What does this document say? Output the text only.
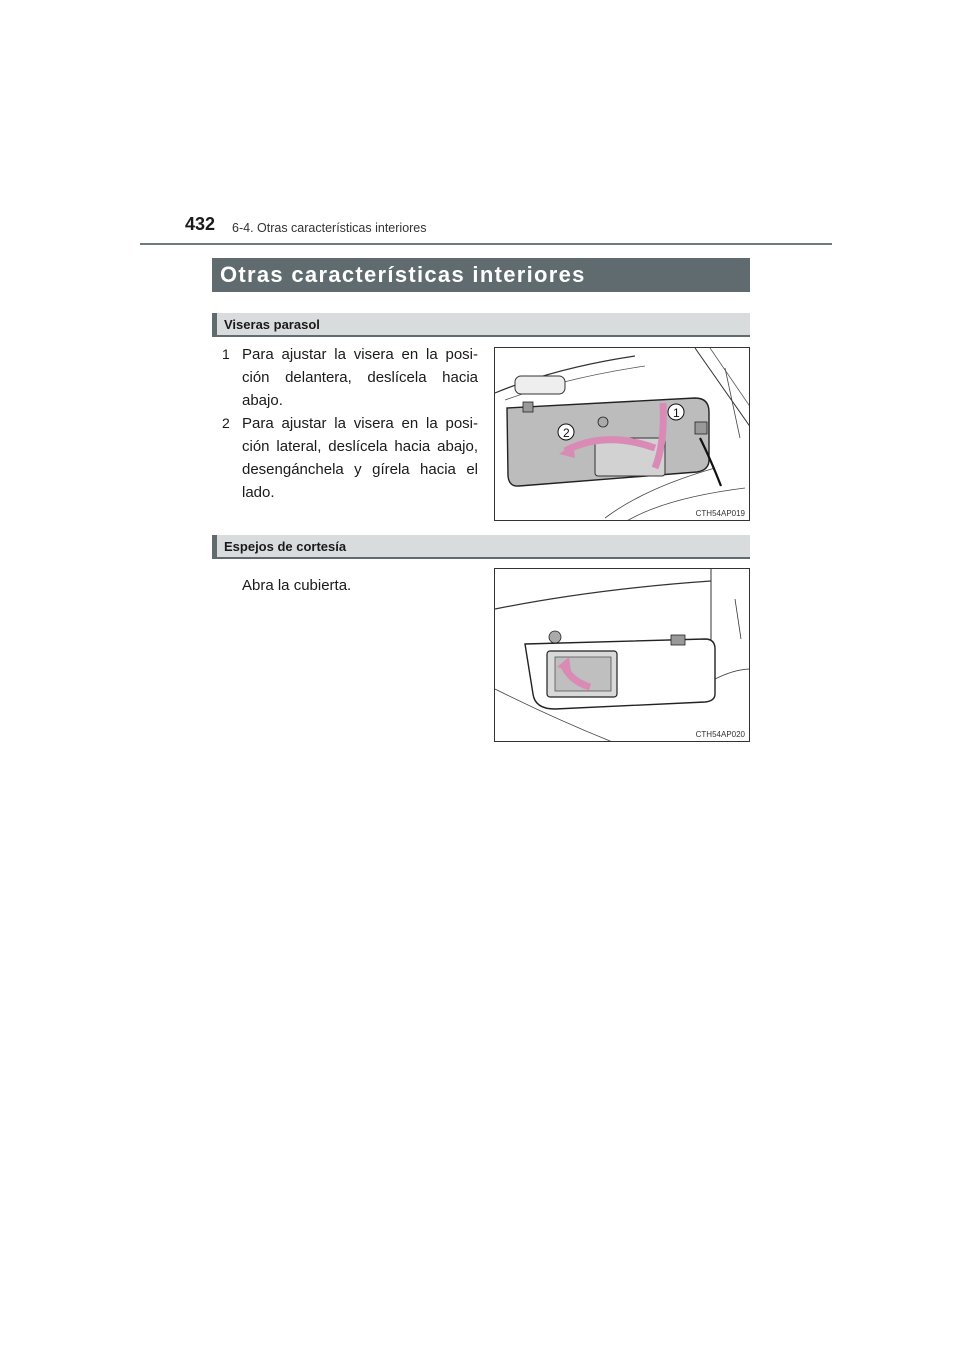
432 6-4. Otras características interiores
Otras características interiores
Viseras parasol
1 Para ajustar la visera en la posi-ción delantera, deslícela hacia abajo.
2 Para ajustar la visera en la posi-ción lateral, deslícela hacia abajo, desengánchela y gírela hacia el lado.
1
2
CTH54AP019
Espejos de cortesía
Abra la cubierta.
CTH54AP020
